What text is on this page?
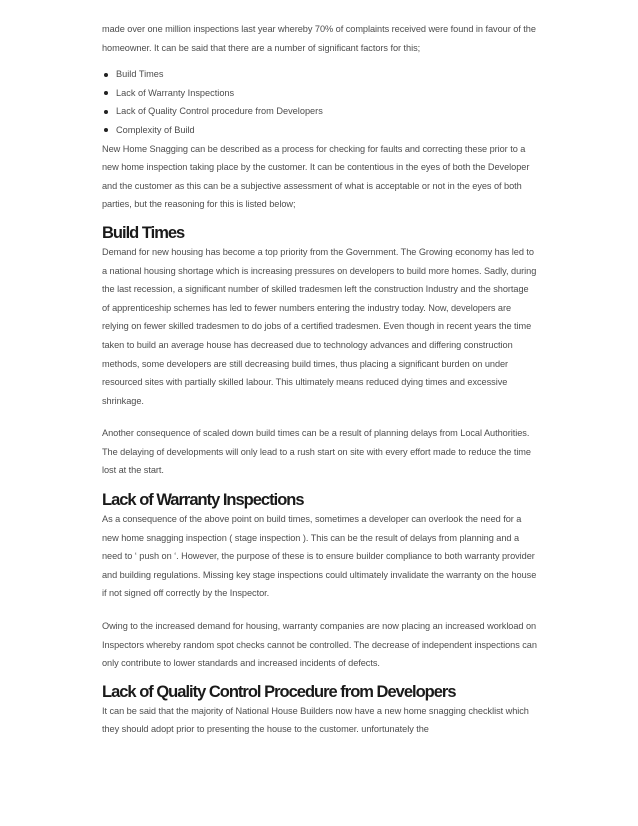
made over one million inspections last year whereby 70% of complaints received were found in favour of the homeowner. It can be said that there are a number of significant factors for this;

Build Times
Lack of Warranty Inspections
Lack of Quality Control procedure from Developers
Complexity of Build

New Home Snagging can be described as a process for checking for faults and correcting these prior to a new home inspection taking place by the customer. It can be contentious in the eyes of both the Developer and the customer as this can be a subjective assessment of what is acceptable or not in the eyes of both parties, but the reasoning for this is listed below;

Build Times

Demand for new housing has become a top priority from the Government. The Growing economy has led to a national housing shortage which is increasing pressures on developers to build more homes. Sadly, during the last recession, a significant number of skilled tradesmen left the construction Industry and the shortage of apprenticeship schemes has led to fewer numbers entering the industry today. Now, developers are relying on fewer skilled tradesmen to do jobs of a certified tradesmen. Even though in recent years the time taken to build an average house has decreased due to technology advances and differing construction methods, some developers are still decreasing build times, thus placing a significant burden on under resourced sites with partially skilled labour. This ultimately means reduced dying times and excessive shrinkage.

Another consequence of scaled down build times can be a result of planning delays from Local Authorities. The delaying of developments will only lead to a rush start on site with every effort made to reduce the time lost at the start.

Lack of Warranty Inspections

As a consequence of the above point on build times, sometimes a developer can overlook the need for a new home snagging inspection ( stage inspection ). This can be the result of delays from planning and a need to ‘ push on ‘. However, the purpose of these is to ensure builder compliance to both warranty provider and building regulations. Missing key stage inspections could ultimately invalidate the warranty on the house if not signed off correctly by the Inspector.

Owing to the increased demand for housing, warranty companies are now placing an increased workload on Inspectors whereby random spot checks cannot be controlled. The decrease of independent inspections can only contribute to lower standards and increased incidents of defects.

Lack of Quality Control Procedure from Developers

It can be said that the majority of National House Builders now have a new home snagging checklist which they should adopt prior to presenting the house to the customer. unfortunately the
